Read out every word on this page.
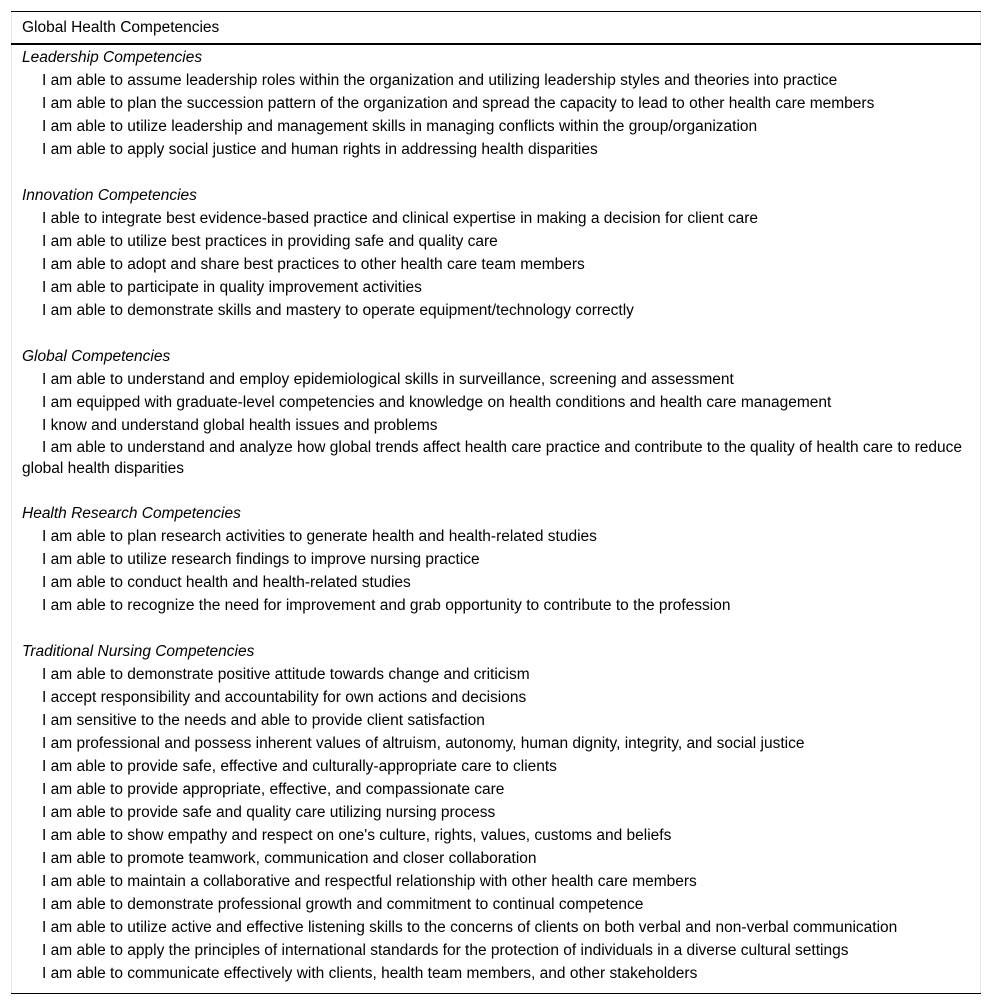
Global Health Competencies
Leadership Competencies
I am able to assume leadership roles within the organization and utilizing leadership styles and theories into practice
I am able to plan the succession pattern of the organization and spread the capacity to lead to other health care members
I am able to utilize leadership and management skills in managing conflicts within the group/organization
I am able to apply social justice and human rights in addressing health disparities
Innovation Competencies
I able to integrate best evidence-based practice and clinical expertise in making a decision for client care
I am able to utilize best practices in providing safe and quality care
I am able to adopt and share best practices to other health care team members
I am able to participate in quality improvement activities
I am able to demonstrate skills and mastery to operate equipment/technology correctly
Global Competencies
I am able to understand and employ epidemiological skills in surveillance, screening and assessment
I am equipped with graduate-level competencies and knowledge on health conditions and health care management
I know and understand global health issues and problems
I am able to understand and analyze how global trends affect health care practice and contribute to the quality of health care to reduce global health disparities
Health Research Competencies
I am able to plan research activities to generate health and health-related studies
I am able to utilize research findings to improve nursing practice
I am able to conduct health and health-related studies
I am able to recognize the need for improvement and grab opportunity to contribute to the profession
Traditional Nursing Competencies
I am able to demonstrate positive attitude towards change and criticism
I accept responsibility and accountability for own actions and decisions
I am sensitive to the needs and able to provide client satisfaction
I am professional and possess inherent values of altruism, autonomy, human dignity, integrity, and social justice
I am able to provide safe, effective and culturally-appropriate care to clients
I am able to provide appropriate, effective, and compassionate care
I am able to provide safe and quality care utilizing nursing process
I am able to show empathy and respect on one's culture, rights, values, customs and beliefs
I am able to promote teamwork, communication and closer collaboration
I am able to maintain a collaborative and respectful relationship with other health care members
I am able to demonstrate professional growth and commitment to continual competence
I am able to utilize active and effective listening skills to the concerns of clients on both verbal and non-verbal communication
I am able to apply the principles of international standards for the protection of individuals in a diverse cultural settings
I am able to communicate effectively with clients, health team members, and other stakeholders
